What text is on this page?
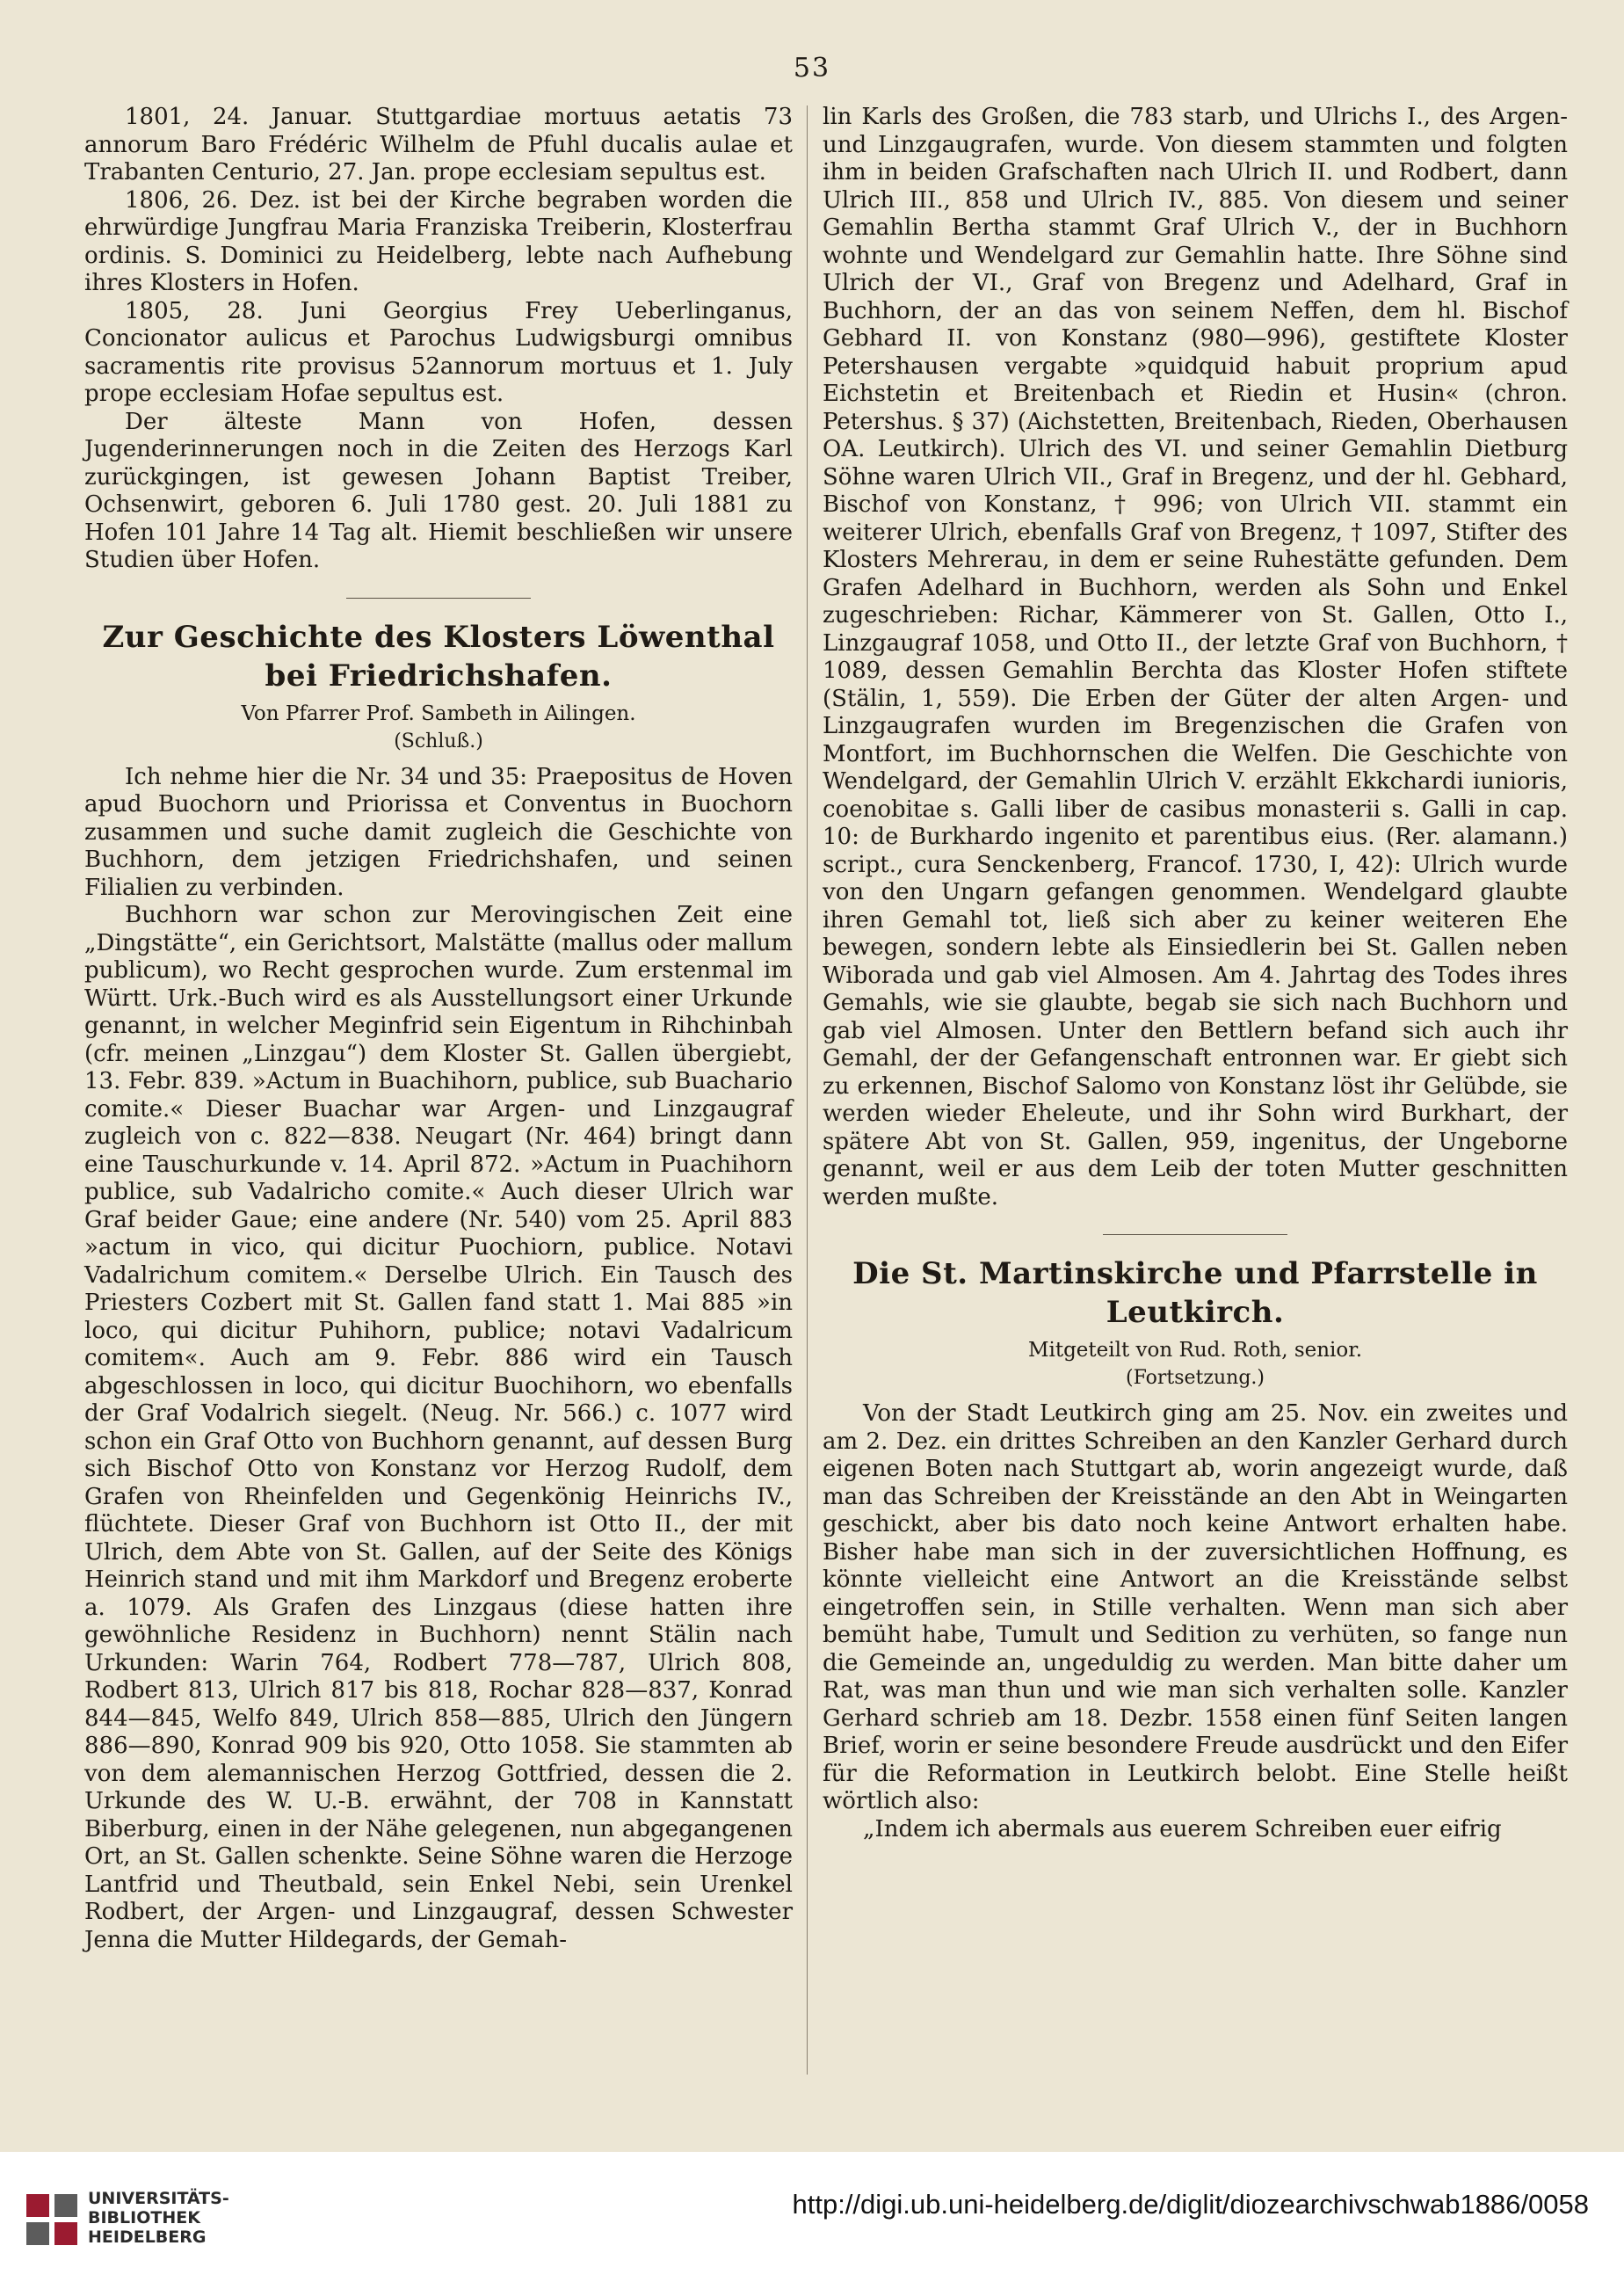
53

1801, 24. Januar. Stuttgardiae mortuus aetatis 73 annorum Baro Frédéric Wilhelm de Pfuhl ducalis aulae et Trabanten Centurio, 27. Jan. prope ecclesiam sepultus est.

1806, 26. Dez. ist bei der Kirche begraben worden die ehrwürdige Jungfrau Maria Franziska Treiberin, Klosterfrau ordinis. S. Dominici zu Heidelberg, lebte nach Aufhebung ihres Klosters in Hofen.

1805, 28. Juni Georgius Frey Ueberlinganus, Concionator aulicus et Parochus Ludwigsburgi omnibus sacramentis rite provisus 52annorum mortuus et 1. July prope ecclesiam Hofae sepultus est.

Der älteste Mann von Hofen, dessen Jugenderinnerungen noch in die Zeiten des Herzogs Karl zurückgingen, ist gewesen Johann Baptist Treiber, Ochsenwirt, geboren 6. Juli 1780 gest. 20. Juli 1881 zu Hofen 101 Jahre 14 Tag alt. Hiemit beschließen wir unsere Studien über Hofen.

Zur Geschichte des Klosters Löwenthal bei Friedrichshafen.

Von Pfarrer Prof. Sambeth in Ailingen.

(Schluß.)

Ich nehme hier die Nr. 34 und 35: Praepositus de Hoven apud Buochorn und Priorissa et Conventus in Buochorn zusammen und suche damit zugleich die Geschichte von Buchhorn, dem jetzigen Friedrichshafen, und seinen Filialien zu verbinden.

Buchhorn war schon zur Merovingischen Zeit eine „Dingstätte“, ein Gerichtsort, Malstätte (mallus oder mallum publicum), wo Recht gesprochen wurde. Zum erstenmal im Württ. Urk.-Buch wird es als Ausstellungsort einer Urkunde genannt, in welcher Meginfrid sein Eigentum in Rihchinbah (cfr. meinen „Linzgau“) dem Kloster St. Gallen übergiebt, 13. Febr. 839. »Actum in Buachihorn, publice, sub Buachario comite.« Dieser Buachar war Argen- und Linzgaugraf zugleich von c. 822—838. Neugart (Nr. 464) bringt dann eine Tauschurkunde v. 14. April 872. »Actum in Puachihorn publice, sub Vadalricho comite.« Auch dieser Ulrich war Graf beider Gaue; eine andere (Nr. 540) vom 25. April 883 »actum in vico, qui dicitur Puochiorn, publice. Notavi Vadalrichum comitem.« Derselbe Ulrich. Ein Tausch des Priesters Cozbert mit St. Gallen fand statt 1. Mai 885 »in loco, qui dicitur Puhihorn, publice; notavi Vadalricum comitem«. Auch am 9. Febr. 886 wird ein Tausch abgeschlossen in loco, qui dicitur Buochihorn, wo ebenfalls der Graf Vodalrich siegelt. (Neug. Nr. 566.) c. 1077 wird schon ein Graf Otto von Buchhorn genannt, auf dessen Burg sich Bischof Otto von Konstanz vor Herzog Rudolf, dem Grafen von Rheinfelden und Gegenkönig Heinrichs IV., flüchtete. Dieser Graf von Buchhorn ist Otto II., der mit Ulrich, dem Abte von St. Gallen, auf der Seite des Königs Heinrich stand und mit ihm Markdorf und Bregenz eroberte a. 1079. Als Grafen des Linzgaus (diese hatten ihre gewöhnliche Residenz in Buchhorn) nennt Stälin nach Urkunden: Warin 764, Rodbert 778—787, Ulrich 808, Rodbert 813, Ulrich 817 bis 818, Rochar 828—837, Konrad 844—845, Welfo 849, Ulrich 858—885, Ulrich den Jüngern 886—890, Konrad 909 bis 920, Otto 1058. Sie stammten ab von dem alemannischen Herzog Gottfried, dessen die 2. Urkunde des W. U.-B. erwähnt, der 708 in Kannstatt Biberburg, einen in der Nähe gelegenen, nun abgegangenen Ort, an St. Gallen schenkte. Seine Söhne waren die Herzoge Lantfrid und Theutbald, sein Enkel Nebi, sein Urenkel Rodbert, der Argen- und Linzgaugraf, dessen Schwester Jenna die Mutter Hildegards, der Gemah-

lin Karls des Großen, die 783 starb, und Ulrichs I., des Argen- und Linzgaugrafen, wurde. Von diesem stammten und folgten ihm in beiden Grafschaften nach Ulrich II. und Rodbert, dann Ulrich III., 858 und Ulrich IV., 885. Von diesem und seiner Gemahlin Bertha stammt Graf Ulrich V., der in Buchhorn wohnte und Wendelgard zur Gemahlin hatte. Ihre Söhne sind Ulrich der VI., Graf von Bregenz und Adelhard, Graf in Buchhorn, der an das von seinem Neffen, dem hl. Bischof Gebhard II. von Konstanz (980—996), gestiftete Kloster Petershausen vergabte »quidquid habuit proprium apud Eichstetin et Breitenbach et Riedin et Husin« (chron. Petershus. § 37) (Aichstetten, Breitenbach, Rieden, Oberhausen OA. Leutkirch). Ulrich des VI. und seiner Gemahlin Dietburg Söhne waren Ulrich VII., Graf in Bregenz, und der hl. Gebhard, Bischof von Konstanz, † 996; von Ulrich VII. stammt ein weiterer Ulrich, ebenfalls Graf von Bregenz, † 1097, Stifter des Klosters Mehrerau, in dem er seine Ruhestätte gefunden. Dem Grafen Adelhard in Buchhorn, werden als Sohn und Enkel zugeschrieben: Richar, Kämmerer von St. Gallen, Otto I., Linzgaugraf 1058, und Otto II., der letzte Graf von Buchhorn, † 1089, dessen Gemahlin Berchta das Kloster Hofen stiftete (Stälin, 1, 559). Die Erben der Güter der alten Argen- und Linzgaugrafen wurden im Bregenzischen die Grafen von Montfort, im Buchhornschen die Welfen. Die Geschichte von Wendelgard, der Gemahlin Ulrich V. erzählt Ekkchardi iunioris, coenobitae s. Galli liber de casibus monasterii s. Galli in cap. 10: de Burkhardo ingenito et parentibus eius. (Rer. alamann.) script., cura Senckenberg, Francof. 1730, I, 42): Ulrich wurde von den Ungarn gefangen genommen. Wendelgard glaubte ihren Gemahl tot, ließ sich aber zu keiner weiteren Ehe bewegen, sondern lebte als Einsiedlerin bei St. Gallen neben Wiborada und gab viel Almosen. Am 4. Jahrtag des Todes ihres Gemahls, wie sie glaubte, begab sie sich nach Buchhorn und gab viel Almosen. Unter den Bettlern befand sich auch ihr Gemahl, der der Gefangenschaft entronnen war. Er giebt sich zu erkennen, Bischof Salomo von Konstanz löst ihr Gelübde, sie werden wieder Eheleute, und ihr Sohn wird Burkhart, der spätere Abt von St. Gallen, 959, ingenitus, der Ungeborne genannt, weil er aus dem Leib der toten Mutter geschnitten werden mußte.

Die St. Martinskirche und Pfarrstelle in Leutkirch.

Mitgeteilt von Rud. Roth, senior.

(Fortsetzung.)

Von der Stadt Leutkirch ging am 25. Nov. ein zweites und am 2. Dez. ein drittes Schreiben an den Kanzler Gerhard durch eigenen Boten nach Stuttgart ab, worin angezeigt wurde, daß man das Schreiben der Kreisstände an den Abt in Weingarten geschickt, aber bis dato noch keine Antwort erhalten habe. Bisher habe man sich in der zuversichtlichen Hoffnung, es könnte vielleicht eine Antwort an die Kreisstände selbst eingetroffen sein, in Stille verhalten. Wenn man sich aber bemüht habe, Tumult und Sedition zu verhüten, so fange nun die Gemeinde an, ungeduldig zu werden. Man bitte daher um Rat, was man thun und wie man sich verhalten solle. Kanzler Gerhard schrieb am 18. Dezbr. 1558 einen fünf Seiten langen Brief, worin er seine besondere Freude ausdrückt und den Eifer für die Reformation in Leutkirch belobt. Eine Stelle heißt wörtlich also:

„Indem ich abermals aus euerem Schreiben euer eifrig

UNIVERSITÄTS-
BIBLIOTHEK
HEIDELBERG
http://digi.ub.uni-heidelberg.de/diglit/diozearchivschwab1886/0058
